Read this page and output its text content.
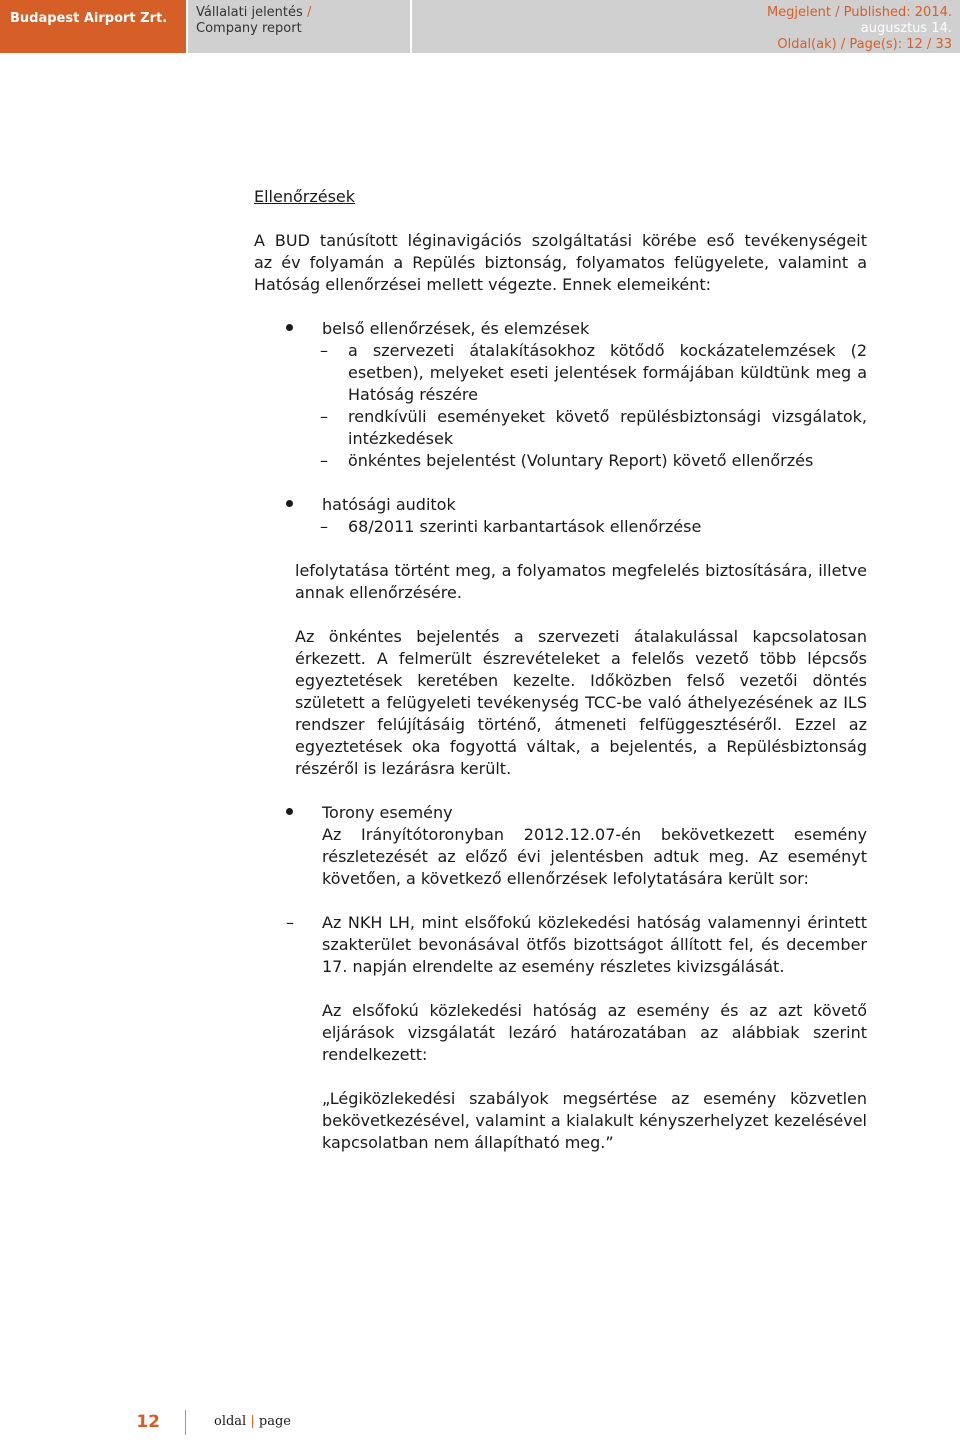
Budapest Airport Zrt.	Vállalati jelentés /
Company report
Megjelent / Published: 2014.
augusztus 14.
Oldal(ak) / Page(s): 12 / 33

Ellenőrzések

A BUD tanúsított léginavigációs szolgáltatási körébe eső tevékenységeit

az év folyamán a Repülés biztonság, folyamatos felügyelete, valamint a

Hatóság ellenőrzései mellett végezte. Ennek elemeiként:

belső ellenőrzések, és elemzések
– a szervezeti átalakításokhoz kötődő kockázatelemzések (2 esetben), melyeket eseti jelentések formájában küldtünk meg a Hatóság részére
– rendkívüli eseményeket követő repülésbiztonsági vizsgálatok, intézkedések
– önkéntes bejelentést (Voluntary Report) követő ellenőrzés
hatósági auditok
– 68/2011 szerinti karbantartások ellenőrzése

lefolytatása történt meg, a folyamatos megfelelés biztosítására, illetve annak ellenőrzésére.

Az önkéntes bejelentés a szervezeti átalakulással kapcsolatosan érkezett. A felmerült észrevételeket a felelős vezető több lépcsős egyeztetések keretében kezelte. Időközben felső vezetői döntés született a felügyeleti tevékenység TCC-be való áthelyezésének az ILS rendszer felújításáig történő, átmeneti felfüggesztéséről. Ezzel az egyeztetések oka fogyottá váltak, a bejelentés, a Repülésbiztonság részéről is lezárásra került.

Torony esemény

Az Irányítótoronyban 2012.12.07-én bekövetkezett esemény részletezését az előző évi jelentésben adtuk meg. Az eseményt követően, a következő ellenőrzések lefolytatására került sor:

– Az NKH LH, mint elsőfokú közlekedési hatóság valamennyi érintett szakterület bevonásával ötfős bizottságot állított fel, és december 17. napján elrendelte az esemény részletes kivizsgálását.

Az elsőfokú közlekedési hatóság az esemény és az azt követő eljárások vizsgálatát lezáró határozatában az alábbiak szerint rendelkezett:

„Légiközlekedési szabályok megsértése az esemény közvetlen bekövetkezésével, valamint a kialakult kényszerhelyzet kezelésével kapcsolatban nem állapítható meg.”

12	oldal | page
